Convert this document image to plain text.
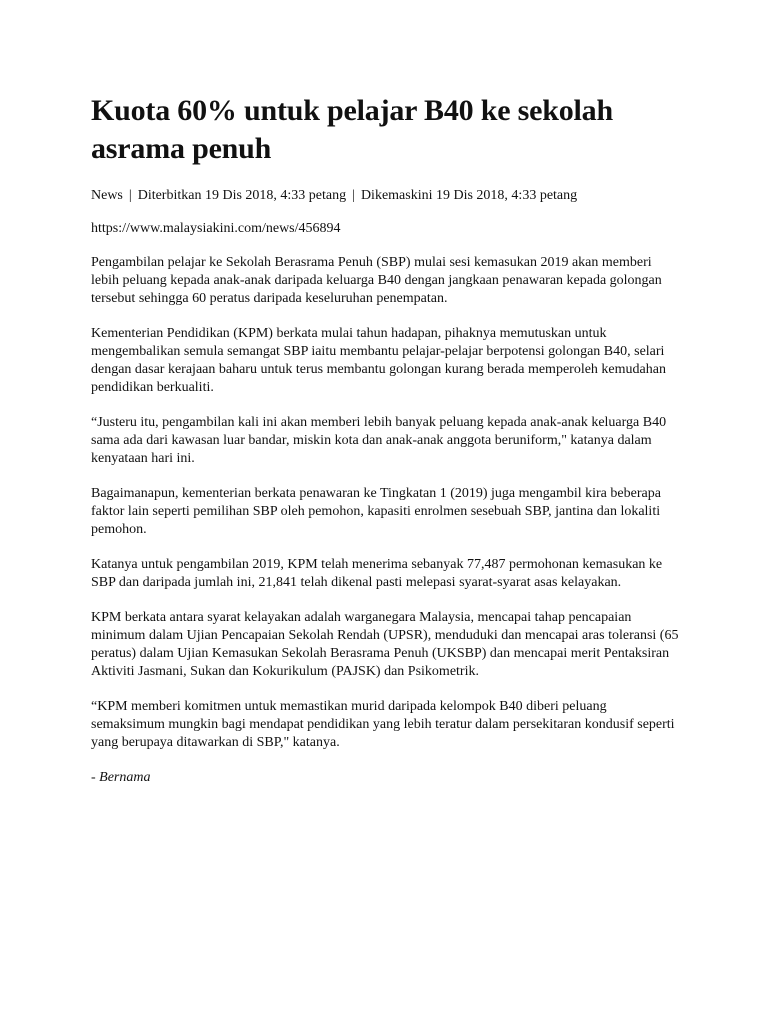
Kuota 60% untuk pelajar B40 ke sekolah asrama penuh
News | Diterbitkan 19 Dis 2018, 4:33 petang | Dikemaskini 19 Dis 2018, 4:33 petang
https://www.malaysiakini.com/news/456894

Pengambilan pelajar ke Sekolah Berasrama Penuh (SBP) mulai sesi kemasukan 2019 akan memberi lebih peluang kepada anak-anak daripada keluarga B40 dengan jangkaan penawaran kepada golongan tersebut sehingga 60 peratus daripada keseluruhan penempatan.

Kementerian Pendidikan (KPM) berkata mulai tahun hadapan, pihaknya memutuskan untuk mengembalikan semula semangat SBP iaitu membantu pelajar-pelajar berpotensi golongan B40, selari dengan dasar kerajaan baharu untuk terus membantu golongan kurang berada memperoleh kemudahan pendidikan berkualiti.

“Justeru itu, pengambilan kali ini akan memberi lebih banyak peluang kepada anak-anak keluarga B40 sama ada dari kawasan luar bandar, miskin kota dan anak-anak anggota beruniform," katanya dalam kenyataan hari ini.

Bagaimanapun, kementerian berkata penawaran ke Tingkatan 1 (2019) juga mengambil kira beberapa faktor lain seperti pemilihan SBP oleh pemohon, kapasiti enrolmen sesebuah SBP, jantina dan lokaliti pemohon.

Katanya untuk pengambilan 2019, KPM telah menerima sebanyak 77,487 permohonan kemasukan ke SBP dan daripada jumlah ini, 21,841 telah dikenal pasti melepasi syarat-syarat asas kelayakan.

KPM berkata antara syarat kelayakan adalah warganegara Malaysia, mencapai tahap pencapaian minimum dalam Ujian Pencapaian Sekolah Rendah (UPSR), menduduki dan mencapai aras toleransi (65 peratus) dalam Ujian Kemasukan Sekolah Berasrama Penuh (UKSBP) dan mencapai merit Pentaksiran Aktiviti Jasmani, Sukan dan Kokurikulum (PAJSK) dan Psikometrik.

“KPM memberi komitmen untuk memastikan murid daripada kelompok B40 diberi peluang semaksimum mungkin bagi mendapat pendidikan yang lebih teratur dalam persekitaran kondusif seperti yang berupaya ditawarkan di SBP," katanya.

- Bernama
